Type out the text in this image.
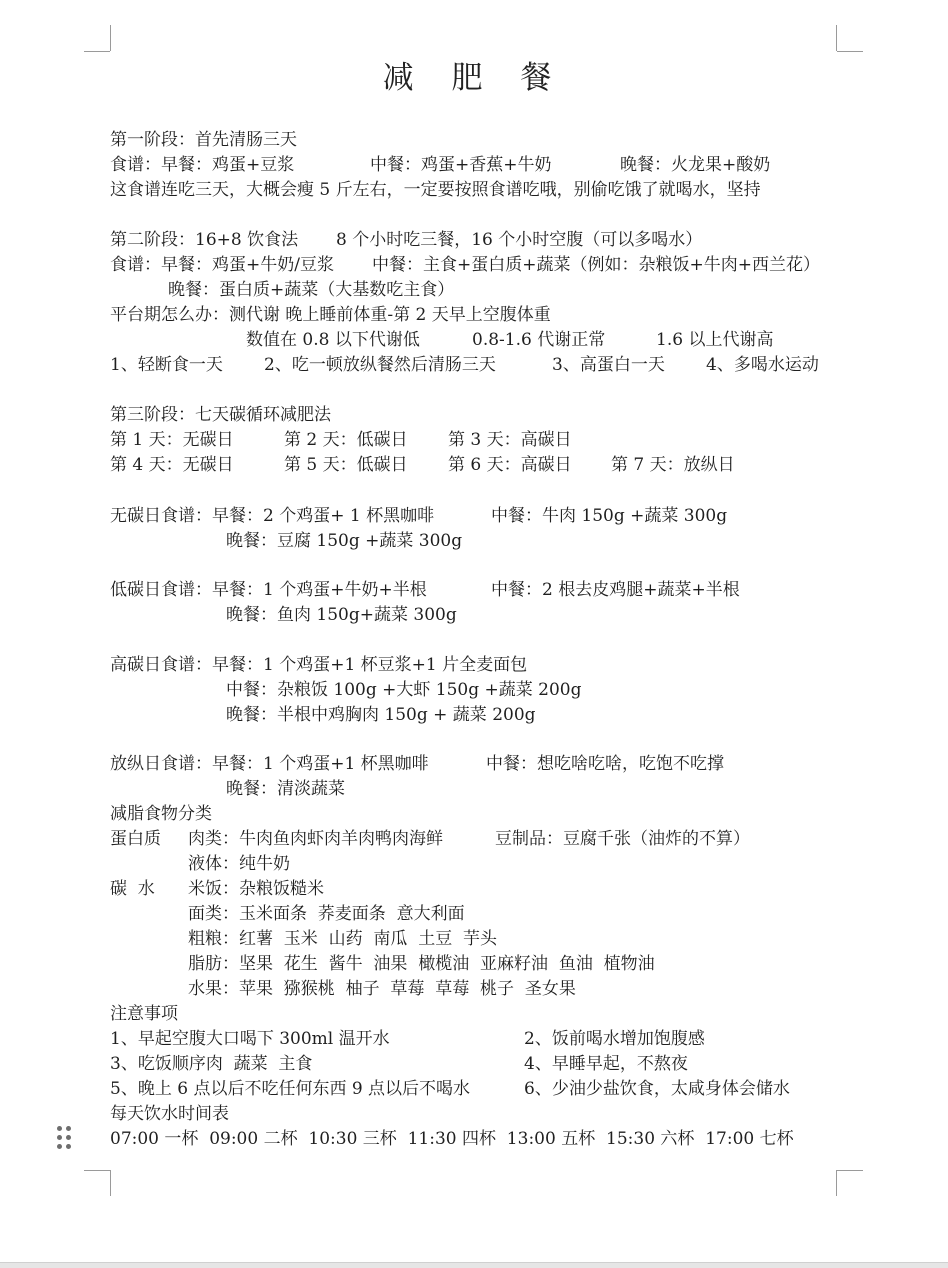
减 肥 餐
第一阶段：首先清肠三天
食谱：早餐：鸡蛋+豆浆	中餐：鸡蛋+香蕉+牛奶	晚餐：火龙果+酸奶
这食谱连吃三天，大概会瘦 5 斤左右，一定要按照食谱吃哦，别偷吃饿了就喝水，坚持
第二阶段：16+8 饮食法 8 个小时吃三餐，16 个小时空腹（可以多喝水）
食谱：早餐：鸡蛋+牛奶/豆浆 中餐：主食+蛋白质+蔬菜（例如：杂粮饭+牛肉+西兰花）
晚餐：蛋白质+蔬菜（大基数吃主食）
平台期怎么办：测代谢 晚上睡前体重-第 2 天早上空腹体重
数值在 0.8 以下代谢低	0.8-1.6 代谢正常	1.6 以上代谢高
1、轻断食一天 2、吃一顿放纵餐然后清肠三天	3、高蛋白一天 4、多喝水运动
第三阶段：七天碳循环减肥法
第 1 天：无碳日	第 2 天：低碳日 第 3 天：高碳日
第 4 天：无碳日	第 5 天：低碳日 第 6 天：高碳日 第 7 天：放纵日
无碳日食谱：早餐：2 个鸡蛋+ 1 杯黑咖啡	中餐：牛肉 150g +蔬菜 300g
晚餐：豆腐 150g +蔬菜 300g
低碳日食谱：早餐：1 个鸡蛋+牛奶+半根	中餐：2 根去皮鸡腿+蔬菜+半根
晚餐：鱼肉 150g+蔬菜 300g
高碳日食谱：早餐：1 个鸡蛋+1 杯豆浆+1 片全麦面包
中餐：杂粮饭 100g +大虾 150g +蔬菜 200g
晚餐：半根中鸡胸肉 150g + 蔬菜 200g
放纵日食谱：早餐：1 个鸡蛋+1 杯黑咖啡	中餐：想吃啥吃啥，吃饱不吃撑
晚餐：清淡蔬菜
减脂食物分类
蛋白质 肉类：牛肉鱼肉虾肉羊肉鸭肉海鲜	豆制品：豆腐千张（油炸的不算）
液体：纯牛奶
碳  水 米饭：杂粮饭糙米
面类：玉米面条  荞麦面条  意大利面
粗粮：红薯  玉米  山药  南瓜  土豆  芋头
脂肪：坚果  花生  酱牛  油果  橄榄油  亚麻籽油  鱼油  植物油
水果：苹果  猕猴桃  柚子  草莓  草莓  桃子  圣女果
注意事项
1、早起空腹大口喝下 300ml 温开水	2、饭前喝水增加饱腹感
3、吃饭顺序肉  蔬菜  主食	4、早睡早起，不熬夜
5、晚上 6 点以后不吃任何东西 9 点以后不喝水	6、少油少盐饮食，太咸身体会储水
每天饮水时间表
07:00 一杯  09:00 二杯  10:30 三杯  11:30 四杯  13:00 五杯  15:30 六杯  17:00 七杯
